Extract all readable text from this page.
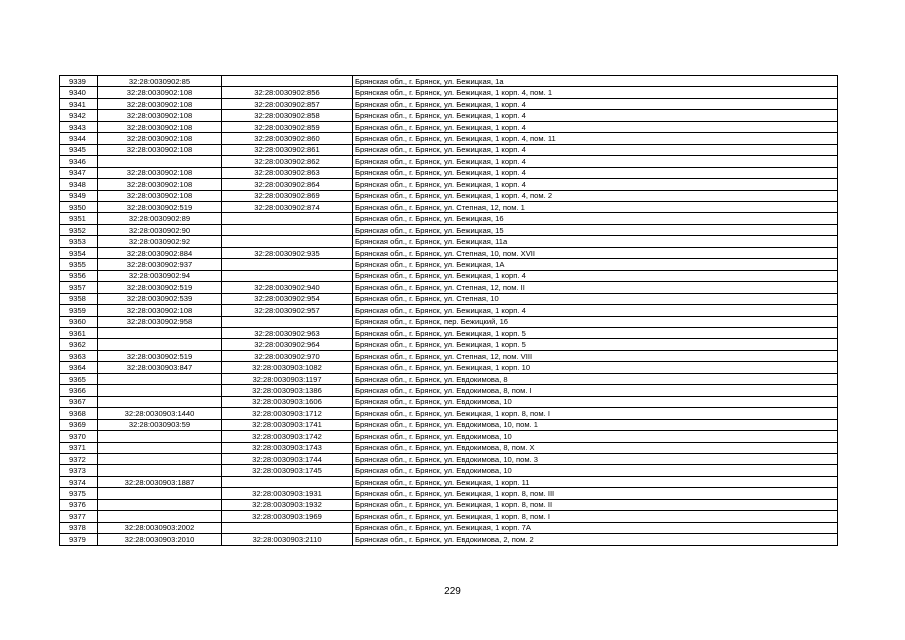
9339	32:28:0030902:85		Брянская обл., г. Брянск, ул. Бежицкая, 1а
9340	32:28:0030902:108	32:28:0030902:856	Брянская обл., г. Брянск, ул. Бежицкая, 1 корп. 4, пом. 1
9341	32:28:0030902:108	32:28:0030902:857	Брянская обл., г. Брянск, ул. Бежицкая, 1 корп. 4
9342	32:28:0030902:108	32:28:0030902:858	Брянская обл., г. Брянск, ул. Бежицкая, 1 корп. 4
9343	32:28:0030902:108	32:28:0030902:859	Брянская обл., г. Брянск, ул. Бежицкая, 1 корп. 4
9344	32:28:0030902:108	32:28:0030902:860	Брянская обл., г. Брянск, ул. Бежицкая, 1 корп. 4, пом. 11
9345	32:28:0030902:108	32:28:0030902:861	Брянская обл., г. Брянск, ул. Бежицкая, 1 корп. 4
9346		32:28:0030902:862	Брянская обл., г. Брянск, ул. Бежицкая, 1 корп. 4
9347	32:28:0030902:108	32:28:0030902:863	Брянская обл., г. Брянск, ул. Бежицкая, 1 корп. 4
9348	32:28:0030902:108	32:28:0030902:864	Брянская обл., г. Брянск, ул. Бежицкая, 1 корп. 4
9349	32:28:0030902:108	32:28:0030902:869	Брянская обл., г. Брянск, ул. Бежицкая, 1 корп. 4, пом. 2
9350	32:28:0030902:519	32:28:0030902:874	Брянская обл., г. Брянск, ул. Степная, 12, пом. 1
9351	32:28:0030902:89		Брянская обл., г. Брянск, ул. Бежицкая, 16
9352	32:28:0030902:90		Брянская обл., г. Брянск, ул. Бежицкая, 15
9353	32:28:0030902:92		Брянская обл., г. Брянск, ул. Бежицкая, 11а
9354	32:28:0030902:884	32:28:0030902:935	Брянская обл., г. Брянск, ул. Степная, 10, пом. XVII
9355	32:28:0030902:937		Брянская обл., г. Брянск, ул. Бежицкая, 1А
9356	32:28:0030902:94		Брянская обл., г. Брянск, ул. Бежицкая, 1 корп. 4
9357	32:28:0030902:519	32:28:0030902:940	Брянская обл., г. Брянск, ул. Степная, 12, пом. II
9358	32:28:0030902:539	32:28:0030902:954	Брянская обл., г. Брянск, ул. Степная, 10
9359	32:28:0030902:108	32:28:0030902:957	Брянская обл., г. Брянск, ул. Бежицкая, 1 корп. 4
9360	32:28:0030902:958		Брянская обл., г. Брянск, пер. Бежицкий, 16
9361		32:28:0030902:963	Брянская обл., г. Брянск, ул. Бежицкая, 1 корп. 5
9362		32:28:0030902:964	Брянская обл., г. Брянск, ул. Бежицкая, 1 корп. 5
9363	32:28:0030902:519	32:28:0030902:970	Брянская обл., г. Брянск, ул. Степная, 12, пом. VIII
9364	32:28:0030903:847	32:28:0030903:1082	Брянская обл., г. Брянск, ул. Бежицкая, 1 корп. 10
9365		32:28:0030903:1197	Брянская обл., г. Брянск, ул. Евдокимова, 8
9366		32:28:0030903:1386	Брянская обл., г. Брянск, ул. Евдокимова, 8, пом. I
9367		32:28:0030903:1606	Брянская обл., г. Брянск, ул. Евдокимова, 10
9368	32:28:0030903:1440	32:28:0030903:1712	Брянская обл., г. Брянск, ул. Бежицкая, 1 корп. 8, пом. I
9369	32:28:0030903:59	32:28:0030903:1741	Брянская обл., г. Брянск, ул. Евдокимова, 10, пом. 1
9370		32:28:0030903:1742	Брянская обл., г. Брянск, ул. Евдокимова, 10
9371		32:28:0030903:1743	Брянская обл., г. Брянск, ул. Евдокимова, 8, пом. X
9372		32:28:0030903:1744	Брянская обл., г. Брянск, ул. Евдокимова, 10, пом. 3
9373		32:28:0030903:1745	Брянская обл., г. Брянск, ул. Евдокимова, 10
9374	32:28:0030903:1887		Брянская обл., г. Брянск, ул. Бежицкая, 1 корп. 11
9375		32:28:0030903:1931	Брянская обл., г. Брянск, ул. Бежицкая, 1 корп. 8, пом. III
9376		32:28:0030903:1932	Брянская обл., г. Брянск, ул. Бежицкая, 1 корп. 8, пом. II
9377		32:28:0030903:1969	Брянская обл., г. Брянск, ул. Бежицкая, 1 корп. 8, пом. I
9378	32:28:0030903:2002		Брянская обл., г. Брянск, ул. Бежицкая, 1 корп. 7А
9379	32:28:0030903:2010	32:28:0030903:2110	Брянская обл., г. Брянск, ул. Евдокимова, 2, пом. 2
229
